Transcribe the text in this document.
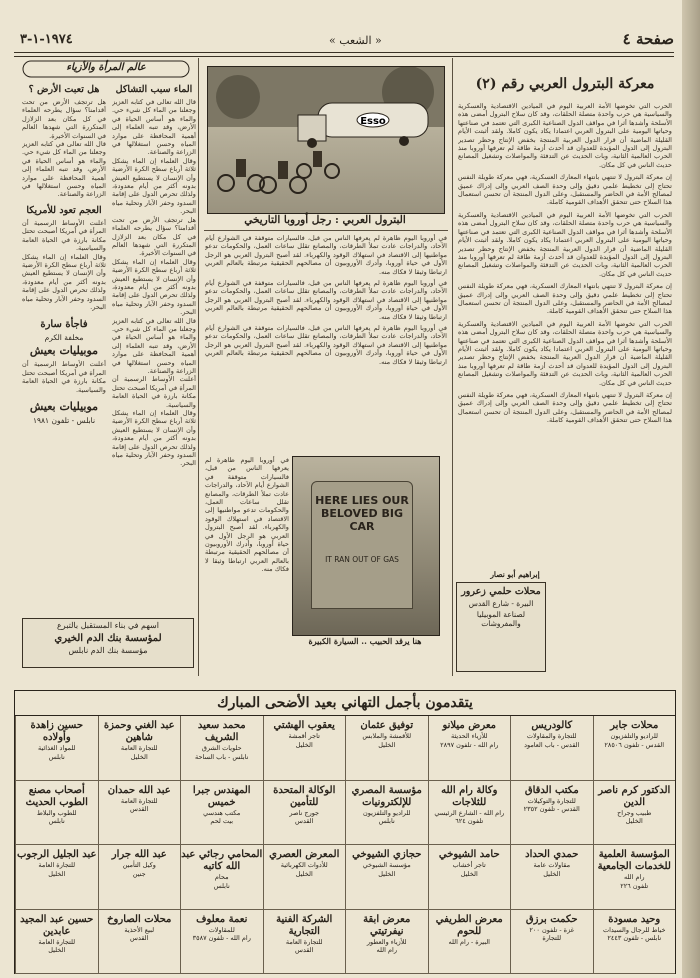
١٩٧٤-١-٣	« الشعب »	صفحة ٤
معركة البترول العربي رقم (٢)
الحرب التي تخوضها الأمة العربية اليوم في الميادين الاقتصادية والعسكرية والسياسية هي حرب واحدة متصلة الحلقات، وقد كان سلاح البترول أمضى هذه الأسلحة وأشدها أثرا في مواقف الدول الصناعية الكبرى التي تعتمد في صناعتها وحياتها اليومية على البترول العربي اعتمادا يكاد يكون كاملا. ولقد أثبتت الأيام القليلة الماضية أن قرار الدول العربية المنتجة بخفض الإنتاج وحظر تصدير البترول إلى الدول المؤيدة للعدوان قد أحدث أزمة طاقة لم تعرفها أوروبا منذ الحرب العالمية الثانية، وبات الحديث عن التدفئة والمواصلات وتشغيل المصانع حديث الناس في كل مكان.
إن معركة البترول لا تنتهي بانتهاء المعارك العسكرية، فهي معركة طويلة النفس تحتاج إلى تخطيط علمي دقيق وإلى وحدة الصف العربي وإلى إدراك عميق لمصالح الأمة في الحاضر والمستقبل، وعلى الدول المنتجة أن تحسن استعمال هذا السلاح حتى تتحقق الأهداف القومية كاملة.
الحرب التي تخوضها الأمة العربية اليوم في الميادين الاقتصادية والعسكرية والسياسية هي حرب واحدة متصلة الحلقات، وقد كان سلاح البترول أمضى هذه الأسلحة وأشدها أثرا في مواقف الدول الصناعية الكبرى التي تعتمد في صناعتها وحياتها اليومية على البترول العربي اعتمادا يكاد يكون كاملا. ولقد أثبتت الأيام القليلة الماضية أن قرار الدول العربية المنتجة بخفض الإنتاج وحظر تصدير البترول إلى الدول المؤيدة للعدوان قد أحدث أزمة طاقة لم تعرفها أوروبا منذ الحرب العالمية الثانية، وبات الحديث عن التدفئة والمواصلات وتشغيل المصانع حديث الناس في كل مكان.
إن معركة البترول لا تنتهي بانتهاء المعارك العسكرية، فهي معركة طويلة النفس تحتاج إلى تخطيط علمي دقيق وإلى وحدة الصف العربي وإلى إدراك عميق لمصالح الأمة في الحاضر والمستقبل، وعلى الدول المنتجة أن تحسن استعمال هذا السلاح حتى تتحقق الأهداف القومية كاملة.
الحرب التي تخوضها الأمة العربية اليوم في الميادين الاقتصادية والعسكرية والسياسية هي حرب واحدة متصلة الحلقات، وقد كان سلاح البترول أمضى هذه الأسلحة وأشدها أثرا في مواقف الدول الصناعية الكبرى التي تعتمد في صناعتها وحياتها اليومية على البترول العربي اعتمادا يكاد يكون كاملا. ولقد أثبتت الأيام القليلة الماضية أن قرار الدول العربية المنتجة بخفض الإنتاج وحظر تصدير البترول إلى الدول المؤيدة للعدوان قد أحدث أزمة طاقة لم تعرفها أوروبا منذ الحرب العالمية الثانية، وبات الحديث عن التدفئة والمواصلات وتشغيل المصانع حديث الناس في كل مكان.
إن معركة البترول لا تنتهي بانتهاء المعارك العسكرية، فهي معركة طويلة النفس تحتاج إلى تخطيط علمي دقيق وإلى وحدة الصف العربي وإلى إدراك عميق لمصالح الأمة في الحاضر والمستقبل، وعلى الدول المنتجة أن تحسن استعمال هذا السلاح حتى تتحقق الأهداف القومية كاملة.
إبراهيم أبو نصار
محلات حلمي زعرور
البيرة - شارع القدس
لصناعة الموبيليا والمفروشات
Esso
البترول العربي : رجل أوروبا التاريخي
في أوروبا اليوم ظاهرة لم يعرفها الناس من قبل، فالسيارات متوقفة في الشوارع أيام الآحاد، والدراجات عادت تملأ الطرقات، والمصانع تقلل ساعات العمل، والحكومات تدعو مواطنيها إلى الاقتصاد في استهلاك الوقود والكهرباء. لقد أصبح البترول العربي هو الرجل الأول في حياة أوروبا، وأدرك الأوروبيون أن مصالحهم الحقيقية مرتبطة بالعالم العربي ارتباطا وثيقا لا فكاك منه.
في أوروبا اليوم ظاهرة لم يعرفها الناس من قبل، فالسيارات متوقفة في الشوارع أيام الآحاد، والدراجات عادت تملأ الطرقات، والمصانع تقلل ساعات العمل، والحكومات تدعو مواطنيها إلى الاقتصاد في استهلاك الوقود والكهرباء. لقد أصبح البترول العربي هو الرجل الأول في حياة أوروبا، وأدرك الأوروبيون أن مصالحهم الحقيقية مرتبطة بالعالم العربي ارتباطا وثيقا لا فكاك منه.
في أوروبا اليوم ظاهرة لم يعرفها الناس من قبل، فالسيارات متوقفة في الشوارع أيام الآحاد، والدراجات عادت تملأ الطرقات، والمصانع تقلل ساعات العمل، والحكومات تدعو مواطنيها إلى الاقتصاد في استهلاك الوقود والكهرباء. لقد أصبح البترول العربي هو الرجل الأول في حياة أوروبا، وأدرك الأوروبيون أن مصالحهم الحقيقية مرتبطة بالعالم العربي ارتباطا وثيقا لا فكاك منه.
في أوروبا اليوم ظاهرة لم يعرفها الناس من قبل، فالسيارات متوقفة في الشوارع أيام الآحاد، والدراجات عادت تملأ الطرقات، والمصانع تقلل ساعات العمل، والحكومات تدعو مواطنيها إلى الاقتصاد في استهلاك الوقود والكهرباء. لقد أصبح البترول العربي هو الرجل الأول في حياة أوروبا، وأدرك الأوروبيون أن مصالحهم الحقيقية مرتبطة بالعالم العربي ارتباطا وثيقا لا فكاك منه.
HERE LIES OUR BELOVED BIG CAR
IT RAN OUT OF GAS
هنا يرقد الحبيب .. السيارة الكبيرة
عالم المرأة والأزياء
هل تعبت الأرض ؟
هل ترتجف الأرض من تحت أقدامنا؟ سؤال يطرحه العلماء في كل مكان بعد الزلازل المتكررة التي شهدها العالم في السنوات الأخيرة.
قال الله تعالى في كتابه العزيز وجعلنا من الماء كل شيء حي. والماء هو أساس الحياة في الأرض، وقد تنبه العلماء إلى أهمية المحافظة على موارد المياه وحسن استغلالها في الزراعة والصناعة.
العجم تعود للأمريكا
أعلنت الأوساط الرسمية أن المرأة في أمريكا أصبحت تحتل مكانة بارزة في الحياة العامة والسياسية.
وقال العلماء إن الماء يشكل ثلاثة أرباع سطح الكرة الأرضية وأن الإنسان لا يستطيع العيش بدونه أكثر من أيام معدودة، ولذلك تحرص الدول على إقامة السدود وحفر الآبار وتحلية مياه البحر.
فاجأة سارة
مخلفة الكرم
موبيليات بعيش
أعلنت الأوساط الرسمية أن المرأة في أمريكا أصبحت تحتل مكانة بارزة في الحياة العامة والسياسية.
موبيليات بعيش
نابلس - تلفون ١٩٨١
الماء سبب التشاكل
قال الله تعالى في كتابه العزيز وجعلنا من الماء كل شيء حي. والماء هو أساس الحياة في الأرض، وقد تنبه العلماء إلى أهمية المحافظة على موارد المياه وحسن استغلالها في الزراعة والصناعة.
وقال العلماء إن الماء يشكل ثلاثة أرباع سطح الكرة الأرضية وأن الإنسان لا يستطيع العيش بدونه أكثر من أيام معدودة، ولذلك تحرص الدول على إقامة السدود وحفر الآبار وتحلية مياه البحر.
هل ترتجف الأرض من تحت أقدامنا؟ سؤال يطرحه العلماء في كل مكان بعد الزلازل المتكررة التي شهدها العالم في السنوات الأخيرة.
وقال العلماء إن الماء يشكل ثلاثة أرباع سطح الكرة الأرضية وأن الإنسان لا يستطيع العيش بدونه أكثر من أيام معدودة، ولذلك تحرص الدول على إقامة السدود وحفر الآبار وتحلية مياه البحر.
قال الله تعالى في كتابه العزيز وجعلنا من الماء كل شيء حي. والماء هو أساس الحياة في الأرض، وقد تنبه العلماء إلى أهمية المحافظة على موارد المياه وحسن استغلالها في الزراعة والصناعة.
أعلنت الأوساط الرسمية أن المرأة في أمريكا أصبحت تحتل مكانة بارزة في الحياة العامة والسياسية.
وقال العلماء إن الماء يشكل ثلاثة أرباع سطح الكرة الأرضية وأن الإنسان لا يستطيع العيش بدونه أكثر من أيام معدودة، ولذلك تحرص الدول على إقامة السدود وحفر الآبار وتحلية مياه البحر.
اسهم في بناء المستقبل بالتبرع
لمؤسسة بنك الدم الخيري
مؤسسة بنك الدم نابلس
يتقدمون بأجمل التهاني بعيد الأضحى المبارك
محلات جابر
للراديو والتلفزيون
القدس - تلفون ٢٨٥٠٦
كالودريس
للتجارة والمقاولات
القدس - باب العامود
معرض ميلانو
للأزياء الحديثة
رام الله - تلفون ٢٨٩٧
توفيق عثمان
للأقمشة والملابس
الخليل
يعقوب الهشتي
تاجر أقمشة
الخليل
محمد سعيد الشريف
حلويات الشرق
نابلس - باب الساحة
عبد الغني وحمزة شاهين
للتجارة العامة
الخليل
حسين زاهدة وأولاده
للمواد الغذائية
نابلس
الدكتور كرم ناصر الدين
طبيب وجراح
الخليل
مكتب الدقاق
للتجارة والتوكيلات
القدس - تلفون ٢٣٥٢
وكالة رام الله للثلاجات
رام الله - الشارع الرئيسي
تلفون ٦٢٤
مؤسسة المصري للإلكترونيات
للراديو والتلفزيون
نابلس
الوكالة المتحدة للتأمين
جورج ناصر
القدس
المهندس جبرا خميس
مكتب هندسي
بيت لحم
عبد الله حمدان
للتجارة العامة
القدس
أصحاب مصنع الطوب الحديث
للطوب والبلاط
نابلس
المؤسسة العلمية للخدمات الجامعية
رام الله
تلفون ٢٢٦
حمدي الحداد
مقاولات عامة
الخليل
حامد الشيوخي
تاجر أخشاب
الخليل
حجازي الشيوخي
مؤسسة الشيوخي
الخليل
المعرض العصري
للأدوات الكهربائية
الخليل
المحامي رجائي عبد الله كاتبه
محام
نابلس
عبد الله جرار
وكيل التأمين
جنين
عبد الجليل الرجوب
للتجارة العامة
الخليل
وحيد مسودة
خياط للرجال والسيدات
نابلس - تلفون ٢٤٤٣
حكمت برزق
غزة - تلفون ٢٠٠
للتجارة
معرض الطريفي للحوم
البيرة - رام الله
معرض ابقة نيفرتيتي
للأزياء والعطور
رام الله
الشركة الفنية التجارية
للتجارة العامة
القدس
نعمة معلوف
للمقاولات
رام الله - تلفون ٣٥٨٧
محلات الصاروخ
لبيع الأحذية
القدس
حسين عبد المجيد عابدين
للتجارة العامة
الخليل
